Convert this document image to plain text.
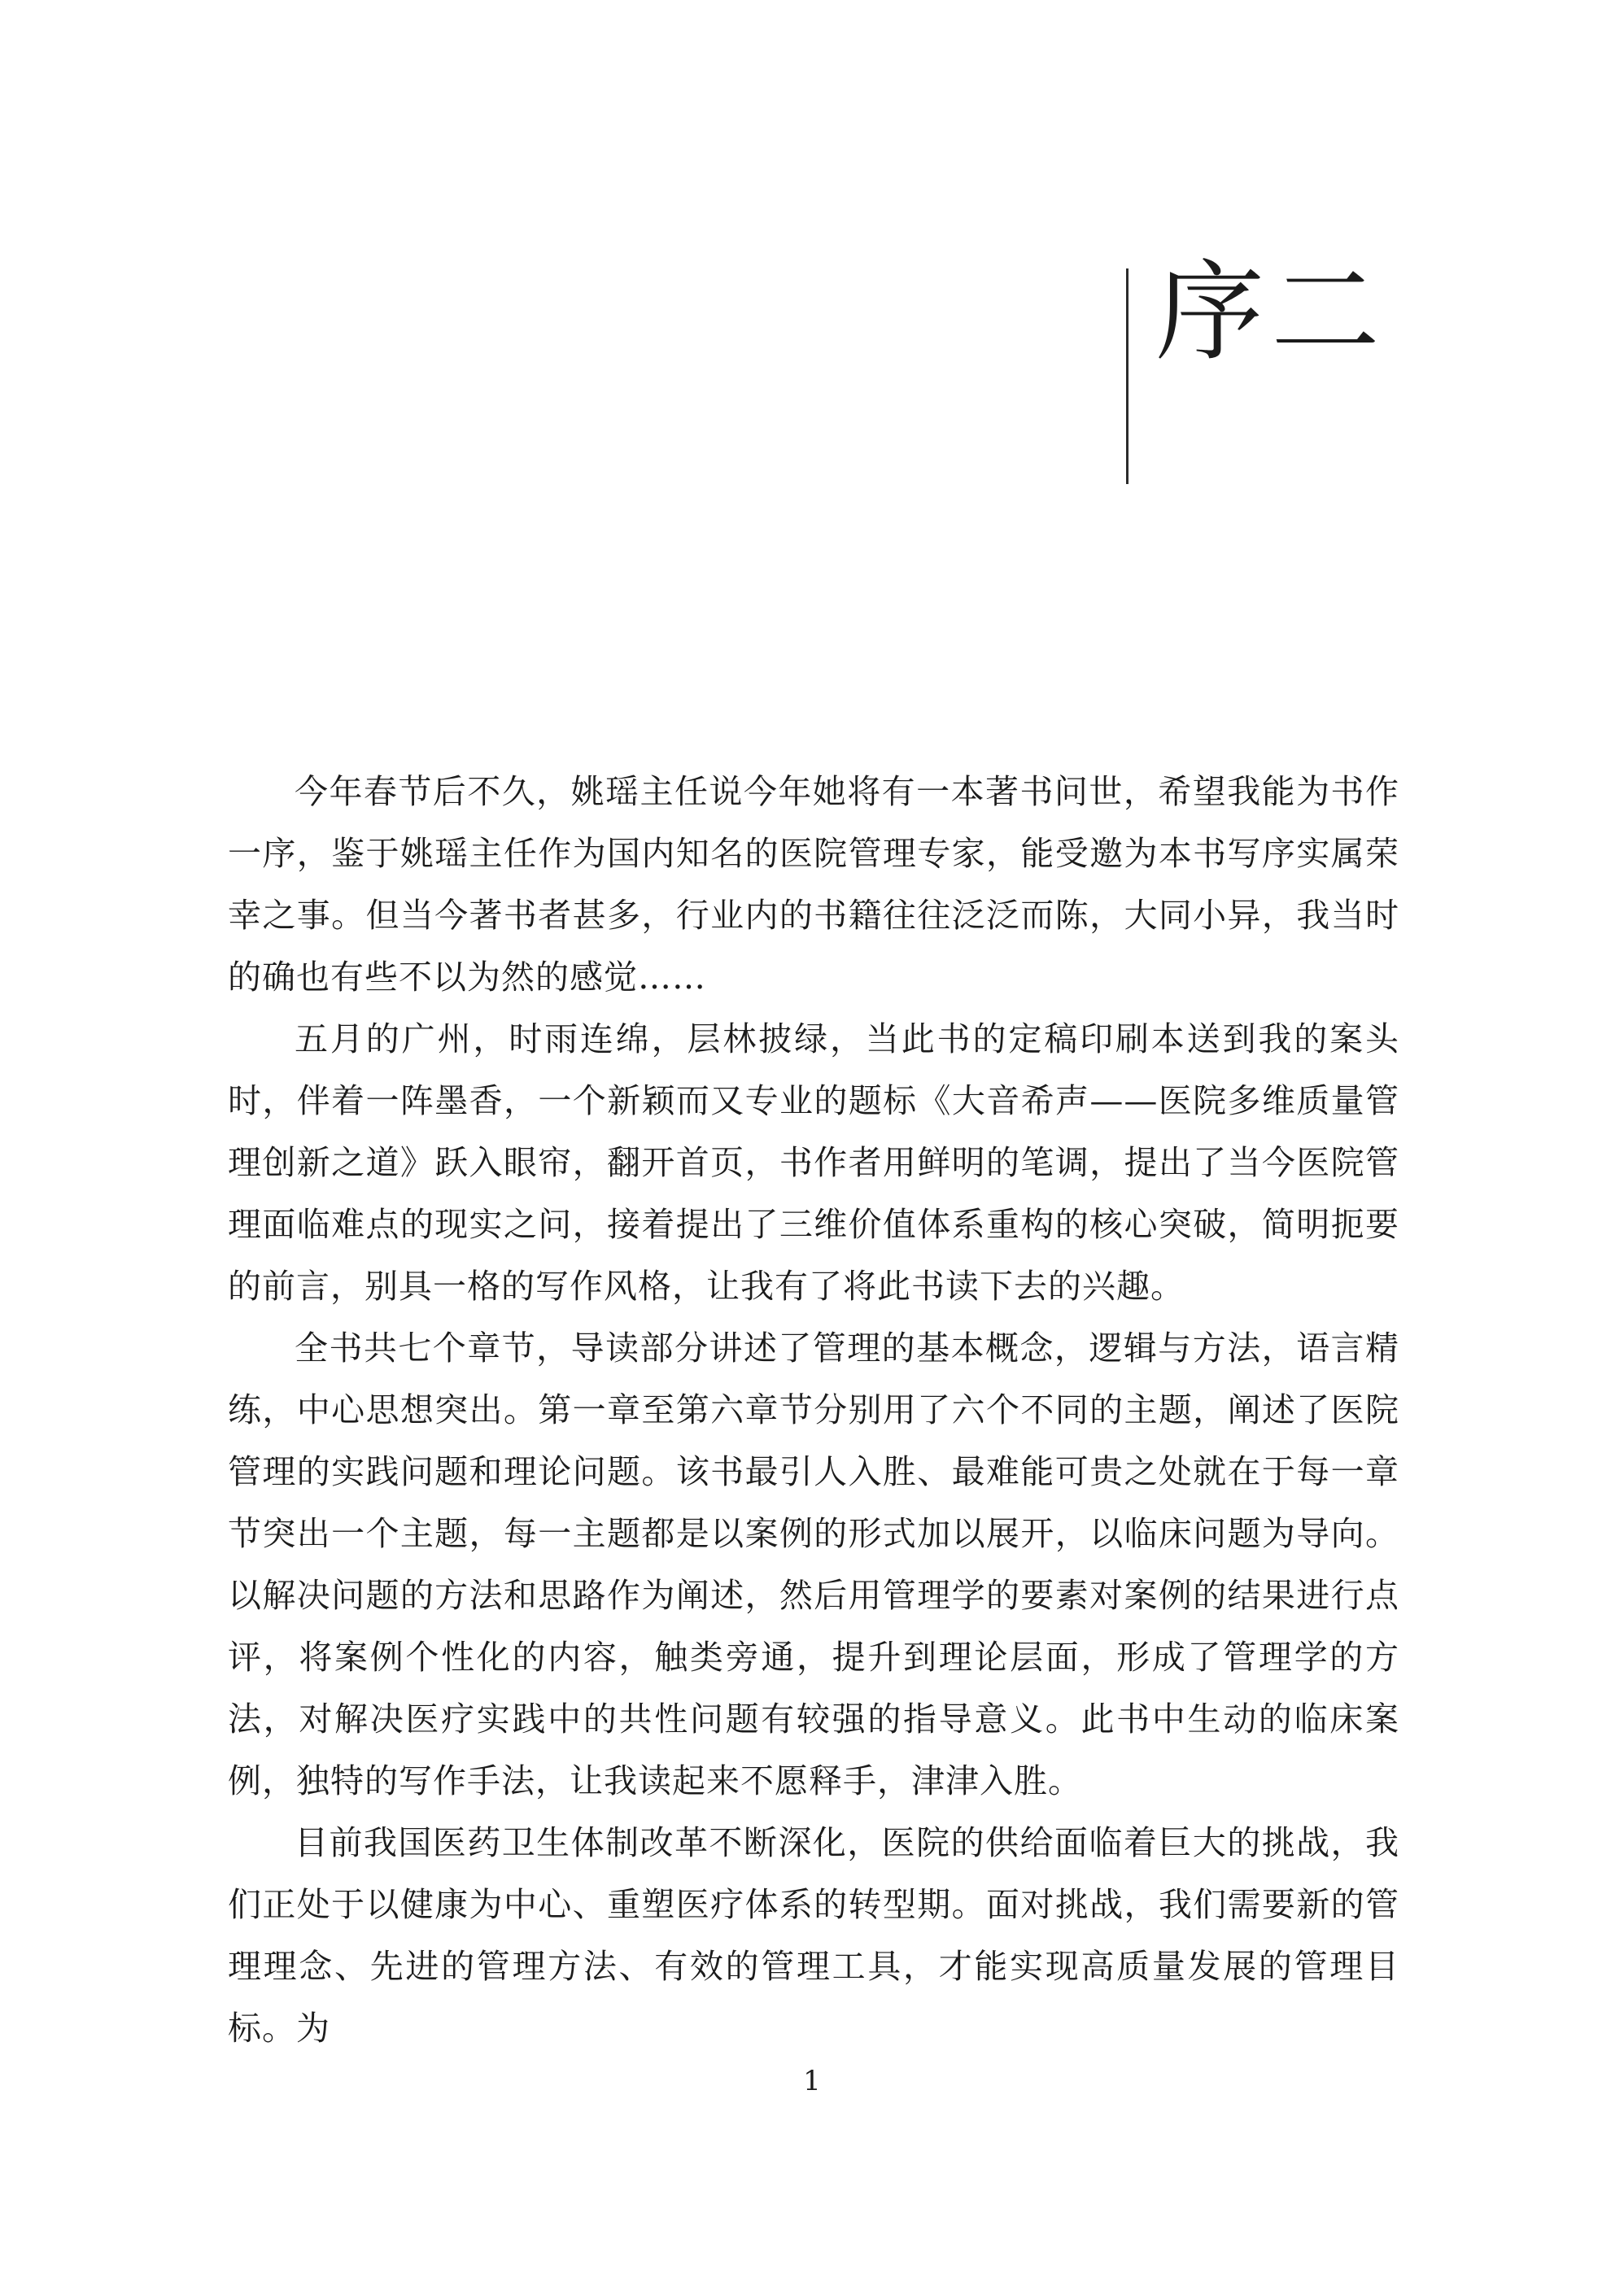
序二

今年春节后不久，姚瑶主任说今年她将有一本著书问世，希望我能为书作一序，鉴于姚瑶主任作为国内知名的医院管理专家，能受邀为本书写序实属荣幸之事。但当今著书者甚多，行业内的书籍往往泛泛而陈，大同小异，我当时的确也有些不以为然的感觉……

五月的广州，时雨连绵，层林披绿，当此书的定稿印刷本送到我的案头时，伴着一阵墨香，一个新颖而又专业的题标《大音希声——医院多维质量管理创新之道》跃入眼帘，翻开首页，书作者用鲜明的笔调，提出了当今医院管理面临难点的现实之问，接着提出了三维价值体系重构的核心突破，简明扼要的前言，别具一格的写作风格，让我有了将此书读下去的兴趣。

全书共七个章节，导读部分讲述了管理的基本概念，逻辑与方法，语言精练，中心思想突出。第一章至第六章节分别用了六个不同的主题，阐述了医院管理的实践问题和理论问题。该书最引人入胜、最难能可贵之处就在于每一章节突出一个主题，每一主题都是以案例的形式加以展开，以临床问题为导向。以解决问题的方法和思路作为阐述，然后用管理学的要素对案例的结果进行点评，将案例个性化的内容，触类旁通，提升到理论层面，形成了管理学的方法，对解决医疗实践中的共性问题有较强的指导意义。此书中生动的临床案例，独特的写作手法，让我读起来不愿释手，津津入胜。

目前我国医药卫生体制改革不断深化，医院的供给面临着巨大的挑战，我们正处于以健康为中心、重塑医疗体系的转型期。面对挑战，我们需要新的管理理念、先进的管理方法、有效的管理工具，才能实现高质量发展的管理目标。为

1
